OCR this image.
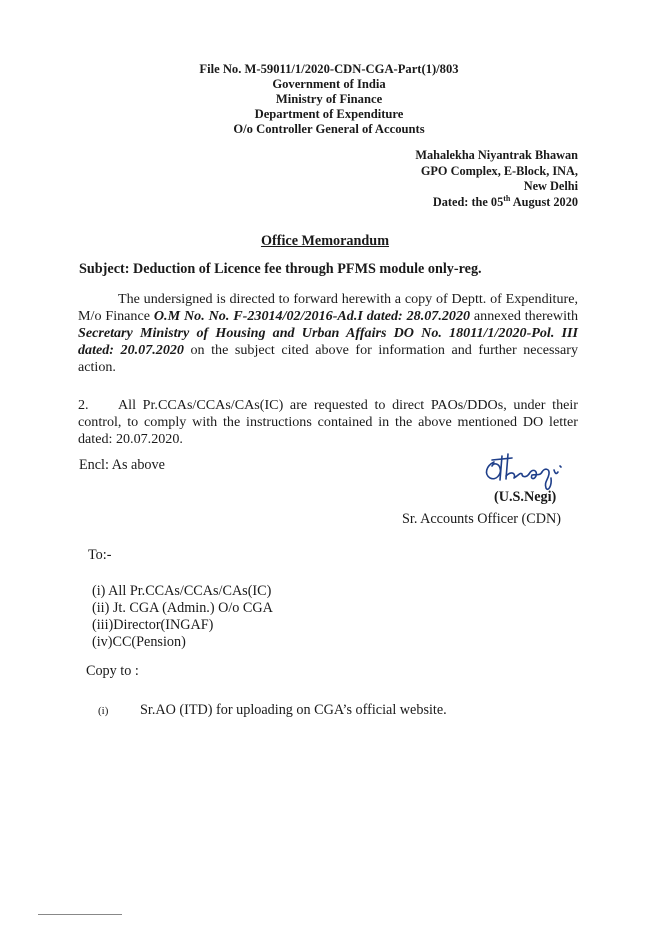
File No. M-59011/1/2020-CDN-CGA-Part(1)/803
Government of India
Ministry of Finance
Department of Expenditure
O/o Controller General of Accounts
Mahalekha Niyantrak Bhawan
GPO Complex, E-Block, INA,
New Delhi
Dated: the 05th August 2020
Office Memorandum
Subject: Deduction of Licence fee through PFMS module only-reg.
The undersigned is directed to forward herewith a copy of Deptt. of Expenditure, M/o Finance O.M No. No. F-23014/02/2016-Ad.I dated: 28.07.2020 annexed therewith Secretary Ministry of Housing and Urban Affairs DO No. 18011/1/2020-Pol. III dated: 20.07.2020 on the subject cited above for information and further necessary action.
2. All Pr.CCAs/CCAs/CAs(IC) are requested to direct PAOs/DDOs, under their control, to comply with the instructions contained in the above mentioned DO letter dated: 20.07.2020.
Encl: As above
(U.S.Negi)
Sr. Accounts Officer (CDN)
To:-
(i) All Pr.CCAs/CCAs/CAs(IC)
(ii) Jt. CGA (Admin.) O/o CGA
(iii)Director(INGAF)
(iv)CC(Pension)
Copy to :
(i) Sr.AO (ITD) for uploading on CGA’s official website.
